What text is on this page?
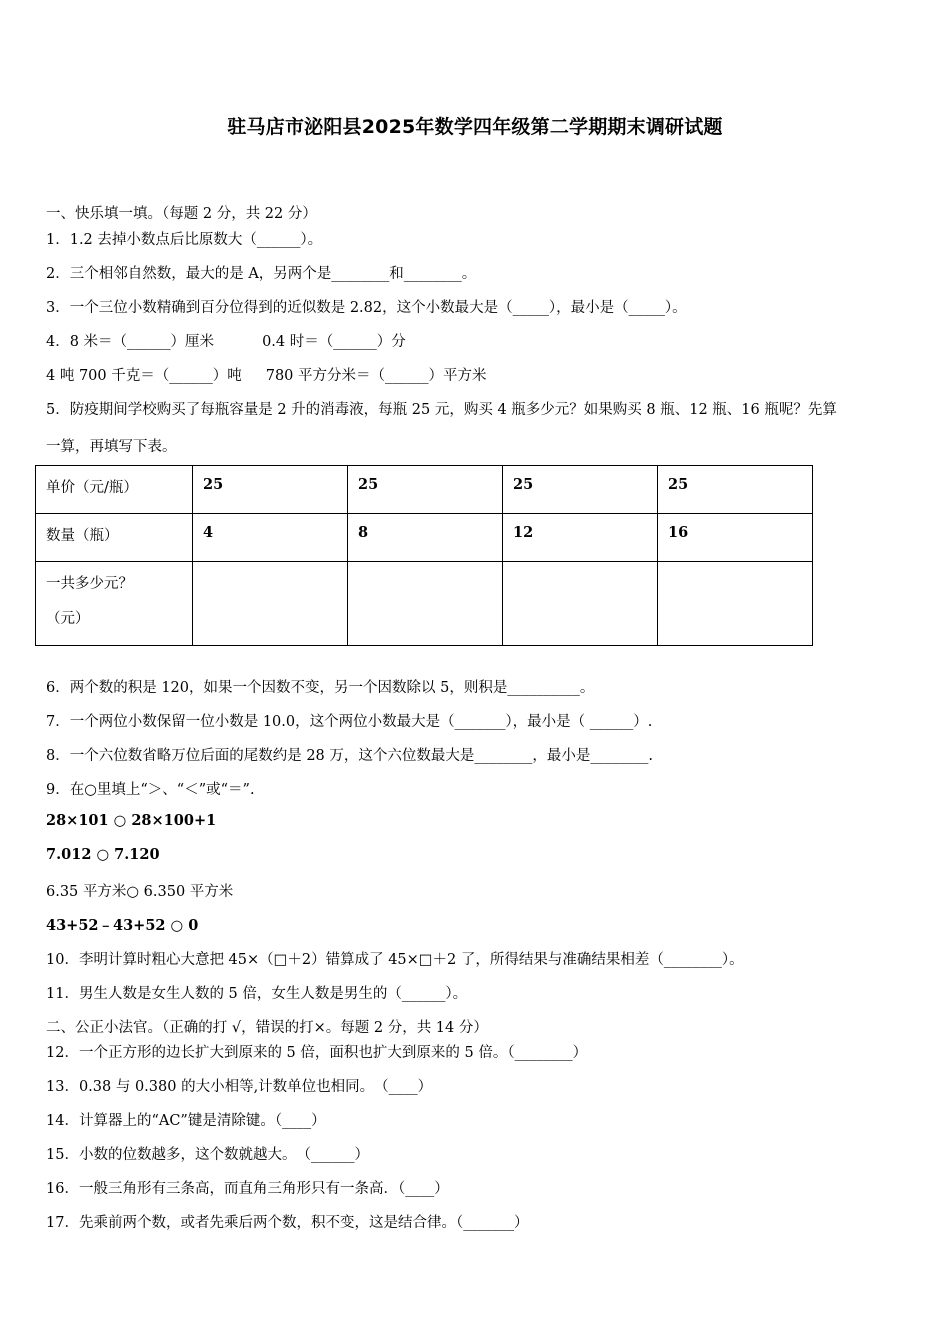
驻马店市泌阳县2025年数学四年级第二学期期末调研试题
一、快乐填一填。（每题 2 分，共 22 分）
1．1.2 去掉小数点后比原数大（______）。
2．三个相邻自然数，最大的是 A，另两个是________和________。
3．一个三位小数精确到百分位得到的近似数是 2.82，这个小数最大是（_____），最小是（_____）。
4．8 米＝（______）厘米	0.4 时＝（______）分
4 吨 700 千克＝（______）吨 780 平方分米＝（______）平方米
5．防疫期间学校购买了每瓶容量是 2 升的消毒液，每瓶 25 元，购买 4 瓶多少元？如果购买 8 瓶、12 瓶、16 瓶呢？先算
一算，再填写下表。
单价（元/瓶）	25	25	25	25
数量（瓶）	4	8	12	16
一共多少元？
（元）				

6．两个数的积是 120，如果一个因数不变，另一个因数除以 5，则积是__________。
7．一个两位小数保留一位小数是 10.0，这个两位小数最大是（_______），最小是（ ______）.
8．一个六位数省略万位后面的尾数约是 28 万，这个六位数最大是________，最小是________.
9．在○里填上“＞、“＜”或“＝”.
28×101 ○ 28×100+1
7.012 ○ 7.120
6.35 平方米○ 6.350 平方米
43+52﹣43+52 ○ 0
10．李明计算时粗心大意把 45×（□＋2）错算成了 45×□＋2 了，所得结果与准确结果相差（________）。
11．男生人数是女生人数的 5 倍，女生人数是男生的（______）。
二、公正小法官。（正确的打 √，错误的打×。每题 2 分，共 14 分）
12．一个正方形的边长扩大到原来的 5 倍，面积也扩大到原来的 5 倍。（________）
13．0.38 与 0.380 的大小相等,计数单位也相同。　（____）
14．计算器上的“AC”键是清除键。（____）
15．小数的位数越多，这个数就越大。　（______）
16．一般三角形有三条高，而直角三角形只有一条高．（____）
17．先乘前两个数，或者先乘后两个数，积不变，这是结合律。（_______）
